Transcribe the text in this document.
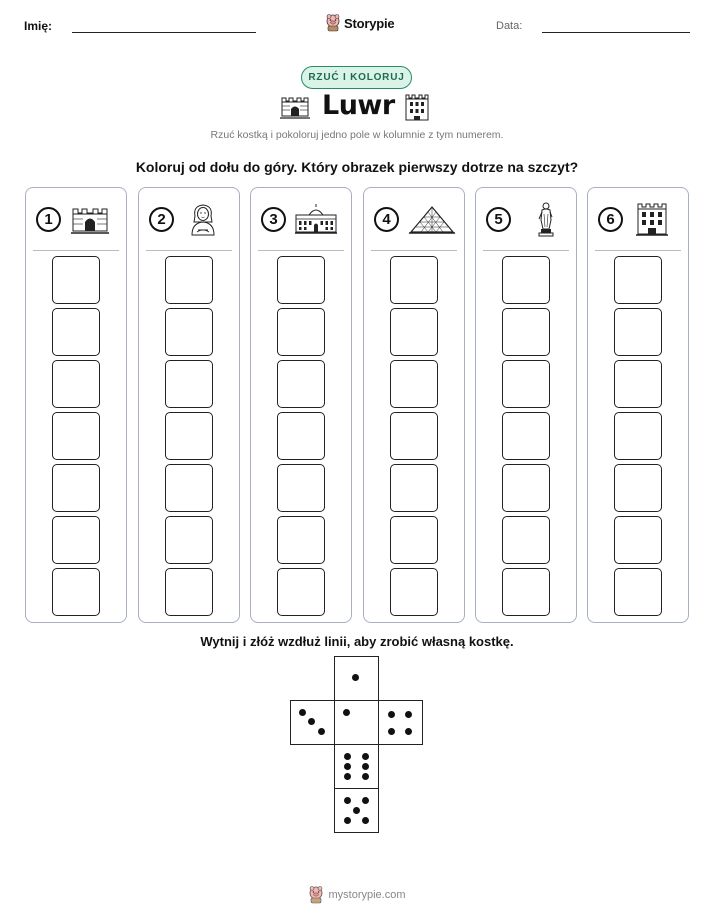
Imię:	Storypie	Data:
RZUĆ I KOLORUJ
Luwr
Rzuć kostką i pokoloruj jedno pole w kolumnie z tym numerem.
Koloruj od dołu do góry. Który obrazek pierwszy dotrze na szczyt?
1	2	3	4	5	6
Wytnij i złóż wzdłuż linii, aby zrobić własną kostkę.
mystorypie.com
